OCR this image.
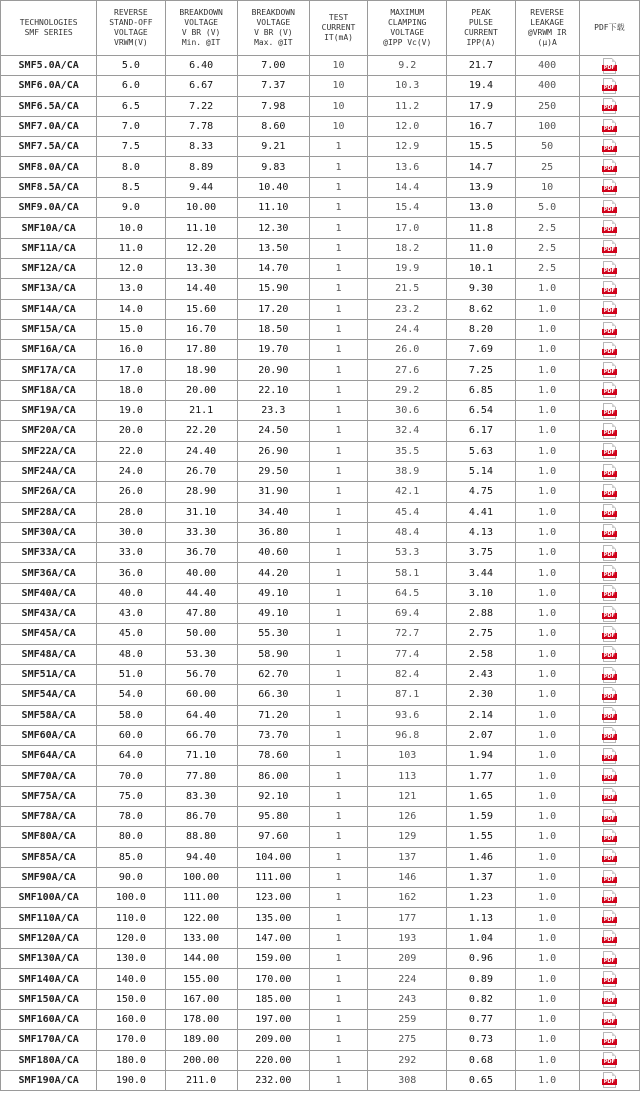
TECHNOLOGIES
SMF SERIES	REVERSE
STAND-OFF
VOLTAGE
VRWM(V)	BREAKDOWN
VOLTAGE
V BR (V)
Min. @IT	BREAKDOWN
VOLTAGE
V BR (V)
Max. @IT	TEST
CURRENT
IT(mA)	MAXIMUM
CLAMPING
VOLTAGE
@IPP Vc(V)	PEAK
PULSE
CURRENT
IPP(A)	REVERSE
LEAKAGE
@VRWM IR
(μ)A	PDF下载
SMF5.0A/CA	5.0	6.40	7.00	10	9.2	21.7	400	PDF

SMF6.0A/CA	6.0	6.67	7.37	10	10.3	19.4	400	PDF

SMF6.5A/CA	6.5	7.22	7.98	10	11.2	17.9	250	PDF

SMF7.0A/CA	7.0	7.78	8.60	10	12.0	16.7	100	PDF

SMF7.5A/CA	7.5	8.33	9.21	1	12.9	15.5	50	PDF

SMF8.0A/CA	8.0	8.89	9.83	1	13.6	14.7	25	PDF

SMF8.5A/CA	8.5	9.44	10.40	1	14.4	13.9	10	PDF

SMF9.0A/CA	9.0	10.00	11.10	1	15.4	13.0	5.0	PDF

SMF10A/CA	10.0	11.10	12.30	1	17.0	11.8	2.5	PDF

SMF11A/CA	11.0	12.20	13.50	1	18.2	11.0	2.5	PDF

SMF12A/CA	12.0	13.30	14.70	1	19.9	10.1	2.5	PDF

SMF13A/CA	13.0	14.40	15.90	1	21.5	9.30	1.0	PDF

SMF14A/CA	14.0	15.60	17.20	1	23.2	8.62	1.0	PDF

SMF15A/CA	15.0	16.70	18.50	1	24.4	8.20	1.0	PDF

SMF16A/CA	16.0	17.80	19.70	1	26.0	7.69	1.0	PDF

SMF17A/CA	17.0	18.90	20.90	1	27.6	7.25	1.0	PDF

SMF18A/CA	18.0	20.00	22.10	1	29.2	6.85	1.0	PDF

SMF19A/CA	19.0	21.1	23.3	1	30.6	6.54	1.0	PDF

SMF20A/CA	20.0	22.20	24.50	1	32.4	6.17	1.0	PDF

SMF22A/CA	22.0	24.40	26.90	1	35.5	5.63	1.0	PDF

SMF24A/CA	24.0	26.70	29.50	1	38.9	5.14	1.0	PDF

SMF26A/CA	26.0	28.90	31.90	1	42.1	4.75	1.0	PDF

SMF28A/CA	28.0	31.10	34.40	1	45.4	4.41	1.0	PDF

SMF30A/CA	30.0	33.30	36.80	1	48.4	4.13	1.0	PDF

SMF33A/CA	33.0	36.70	40.60	1	53.3	3.75	1.0	PDF

SMF36A/CA	36.0	40.00	44.20	1	58.1	3.44	1.0	PDF

SMF40A/CA	40.0	44.40	49.10	1	64.5	3.10	1.0	PDF

SMF43A/CA	43.0	47.80	49.10	1	69.4	2.88	1.0	PDF

SMF45A/CA	45.0	50.00	55.30	1	72.7	2.75	1.0	PDF

SMF48A/CA	48.0	53.30	58.90	1	77.4	2.58	1.0	PDF

SMF51A/CA	51.0	56.70	62.70	1	82.4	2.43	1.0	PDF

SMF54A/CA	54.0	60.00	66.30	1	87.1	2.30	1.0	PDF

SMF58A/CA	58.0	64.40	71.20	1	93.6	2.14	1.0	PDF

SMF60A/CA	60.0	66.70	73.70	1	96.8	2.07	1.0	PDF

SMF64A/CA	64.0	71.10	78.60	1	103	1.94	1.0	PDF

SMF70A/CA	70.0	77.80	86.00	1	113	1.77	1.0	PDF

SMF75A/CA	75.0	83.30	92.10	1	121	1.65	1.0	PDF

SMF78A/CA	78.0	86.70	95.80	1	126	1.59	1.0	PDF

SMF80A/CA	80.0	88.80	97.60	1	129	1.55	1.0	PDF

SMF85A/CA	85.0	94.40	104.00	1	137	1.46	1.0	PDF

SMF90A/CA	90.0	100.00	111.00	1	146	1.37	1.0	PDF

SMF100A/CA	100.0	111.00	123.00	1	162	1.23	1.0	PDF

SMF110A/CA	110.0	122.00	135.00	1	177	1.13	1.0	PDF

SMF120A/CA	120.0	133.00	147.00	1	193	1.04	1.0	PDF

SMF130A/CA	130.0	144.00	159.00	1	209	0.96	1.0	PDF

SMF140A/CA	140.0	155.00	170.00	1	224	0.89	1.0	PDF

SMF150A/CA	150.0	167.00	185.00	1	243	0.82	1.0	PDF

SMF160A/CA	160.0	178.00	197.00	1	259	0.77	1.0	PDF

SMF170A/CA	170.0	189.00	209.00	1	275	0.73	1.0	PDF

SMF180A/CA	180.0	200.00	220.00	1	292	0.68	1.0	PDF

SMF190A/CA	190.0	211.0	232.00	1	308	0.65	1.0	PDF
